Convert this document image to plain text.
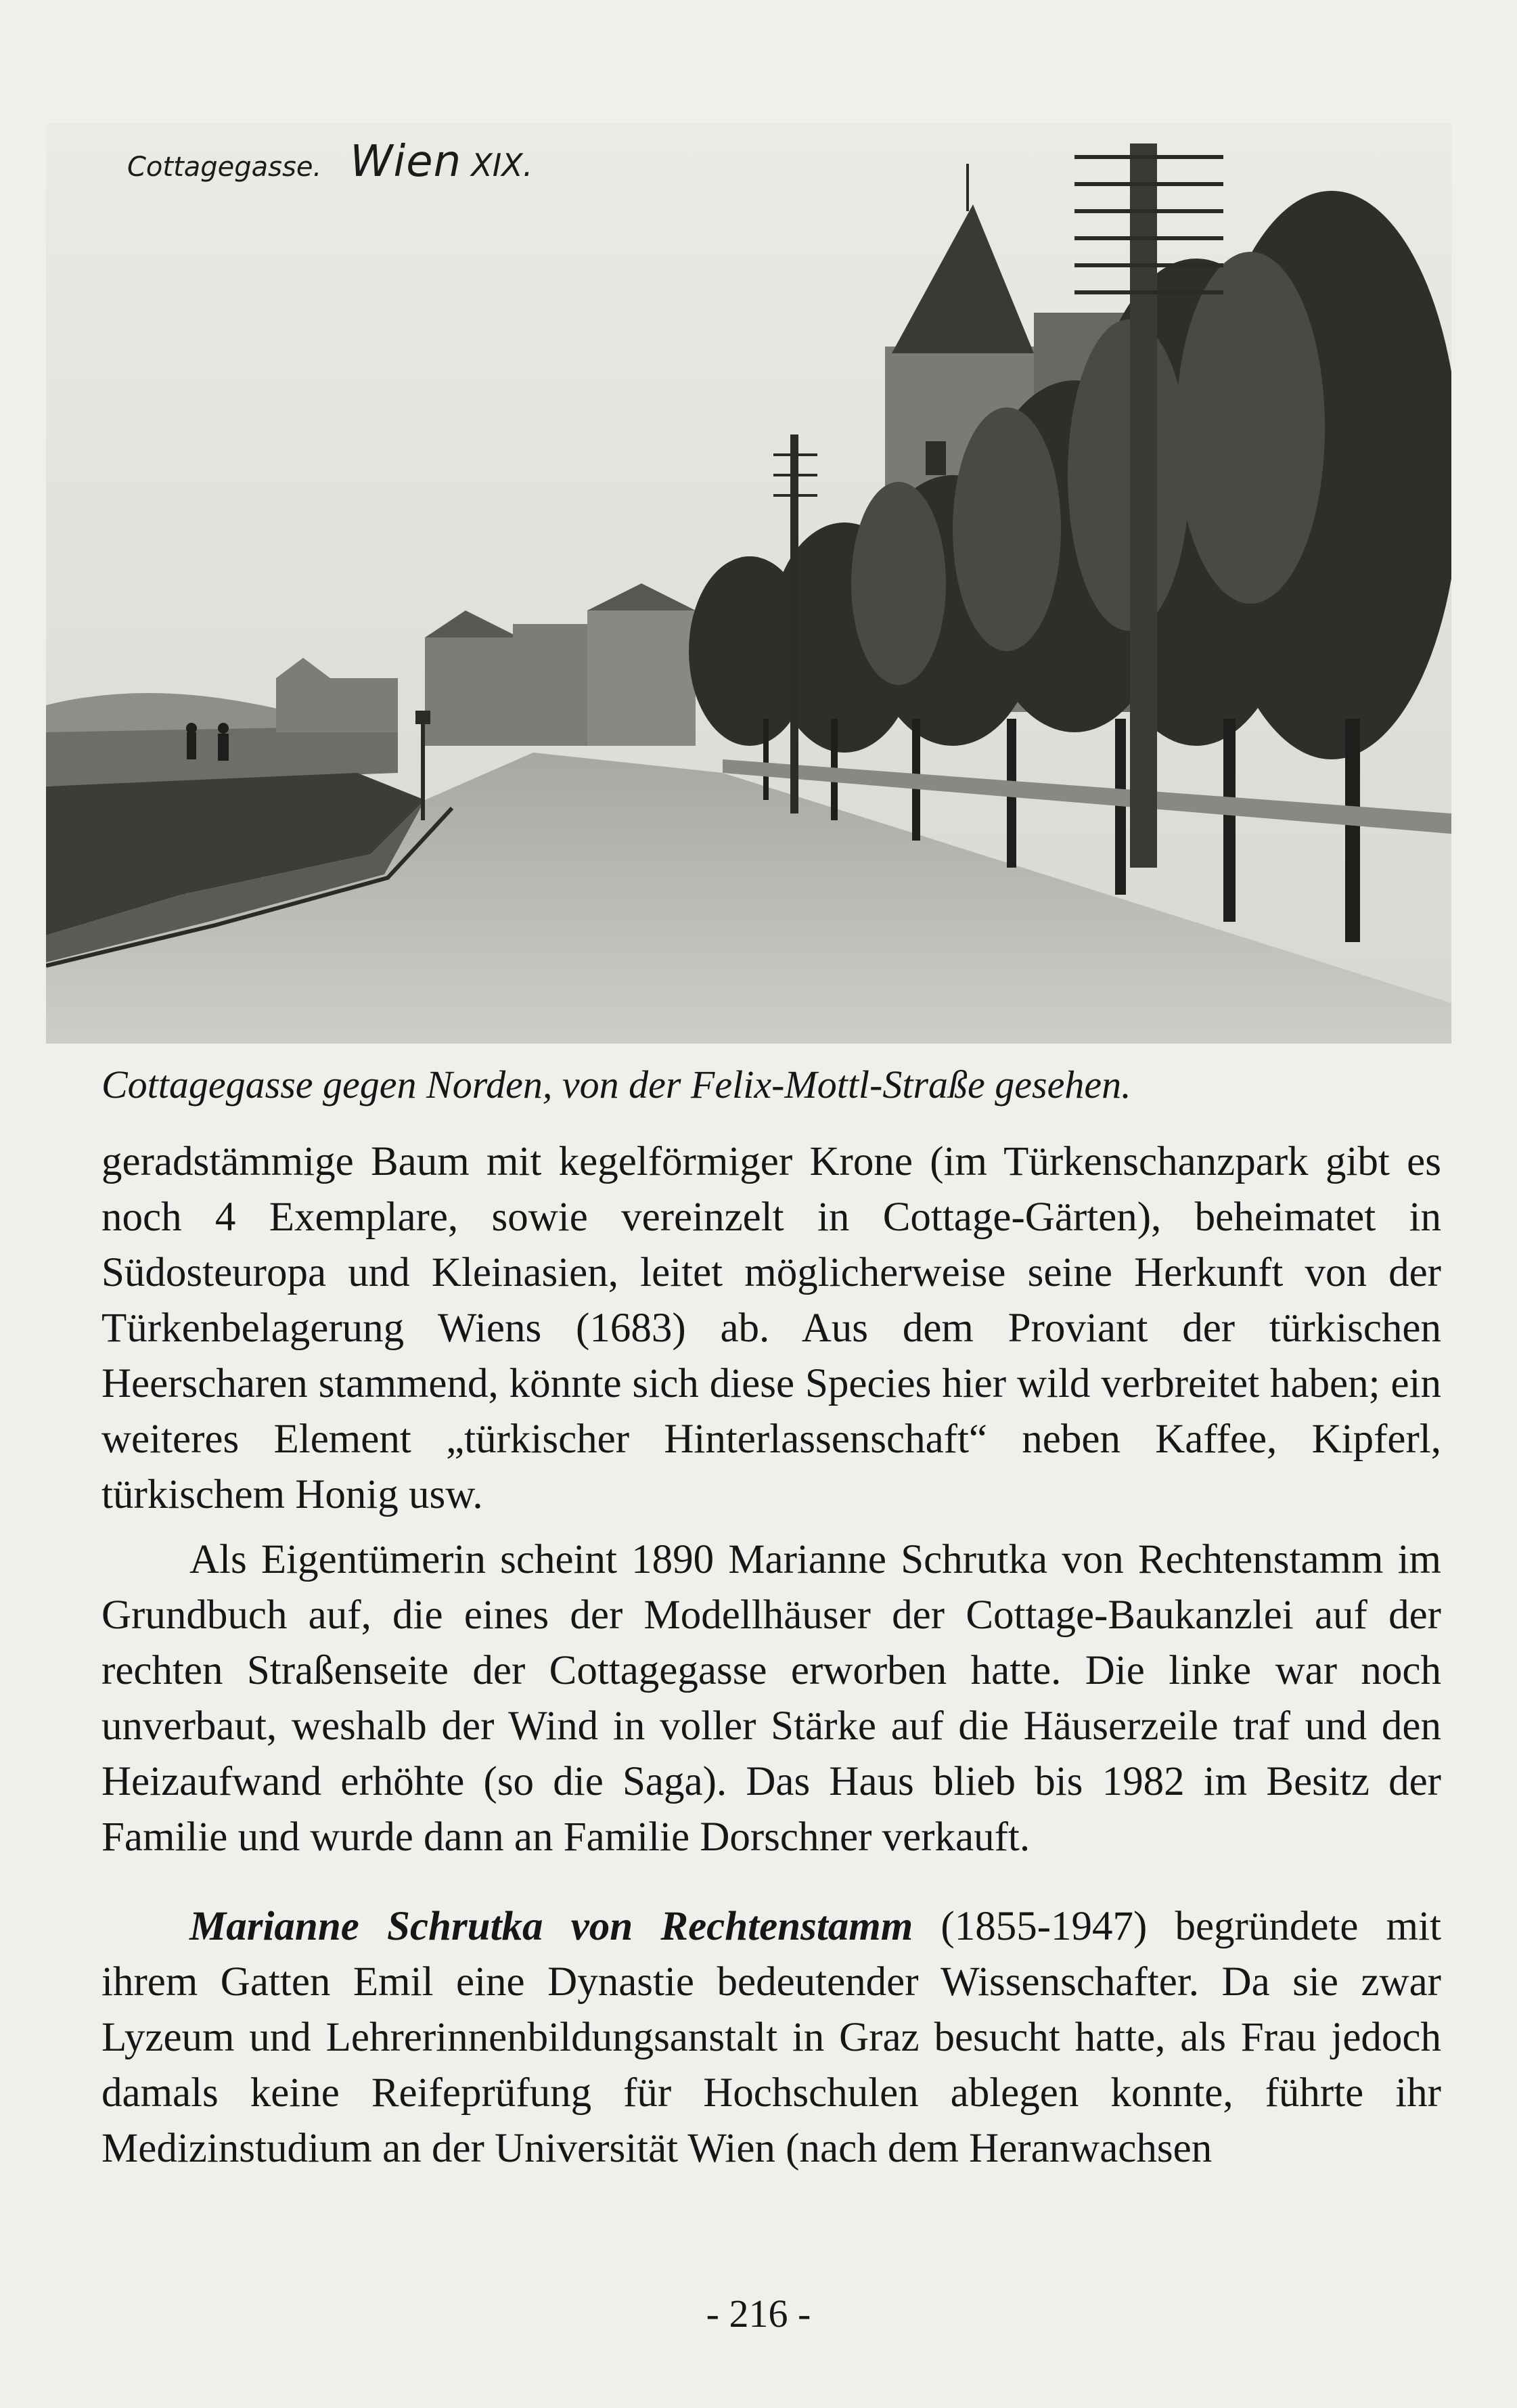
Cottagegasse. Wien XIX.
Cottagegasse gegen Norden, von der Felix-Mottl-Straße gesehen.

geradstämmige Baum mit kegelförmiger Krone (im Türkenschanzpark gibt es noch 4 Exemplare, sowie vereinzelt in Cottage-Gärten), beheimatet in Südosteuropa und Kleinasien, leitet möglicherweise seine Herkunft von der Türkenbelagerung Wiens (1683) ab. Aus dem Proviant der türkischen Heerscharen stammend, könnte sich diese Species hier wild verbreitet haben; ein weiteres Element „türkischer Hinterlassenschaft“ neben Kaffee, Kipferl, türkischem Honig usw.

Als Eigentümerin scheint 1890 Marianne Schrutka von Rechtenstamm im Grundbuch auf, die eines der Modellhäuser der Cottage-Baukanzlei auf der rechten Straßenseite der Cottagegasse erworben hatte. Die linke war noch unverbaut, weshalb der Wind in voller Stärke auf die Häuserzeile traf und den Heizaufwand erhöhte (so die Saga). Das Haus blieb bis 1982 im Besitz der Familie und wurde dann an Familie Dorschner verkauft.

Marianne Schrutka von Rechtenstamm (1855-1947) begründete mit ihrem Gatten Emil eine Dynastie bedeutender Wissenschafter. Da sie zwar Lyzeum und Lehrerinnenbildungsanstalt in Graz besucht hatte, als Frau jedoch damals keine Reifeprüfung für Hochschulen ablegen konnte, führte ihr Medizinstudium an der Universität Wien (nach dem Heranwachsen

- 216 -
